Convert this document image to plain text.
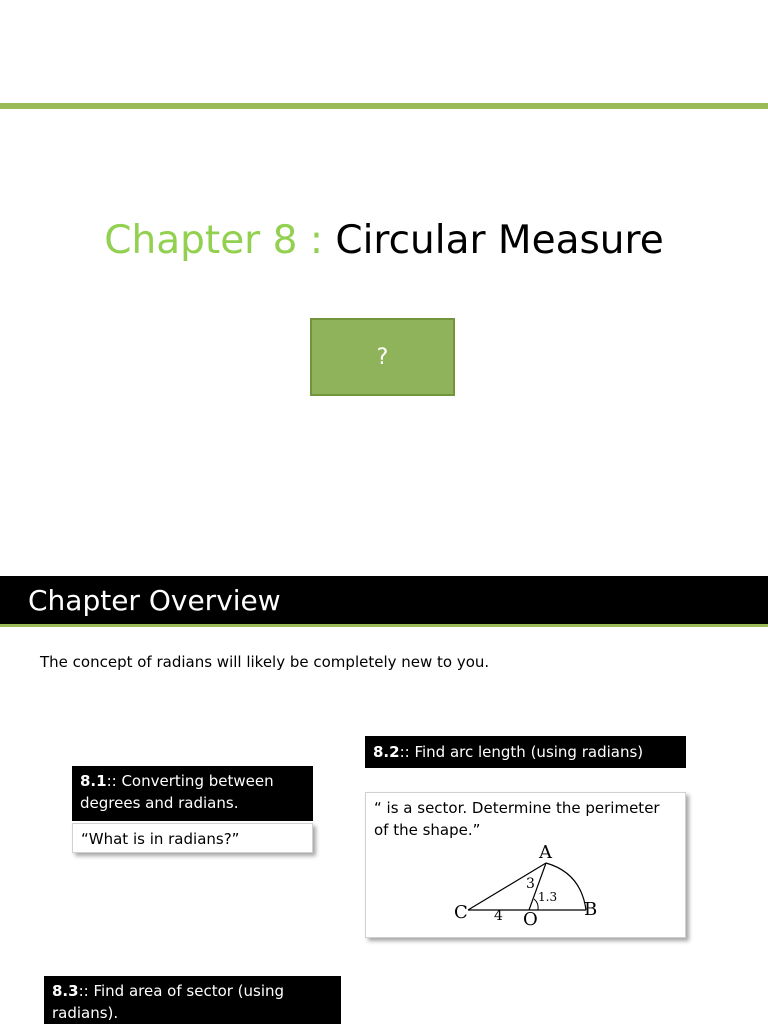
Chapter 8 : Circular Measure
?
Chapter Overview
The concept of radians will likely be completely new to you.
8.1:: Converting between degrees and radians.
“What is in radians?”
8.2:: Find arc length (using radians)
“ is a sector. Determine the perimeter of the shape.”
A
B
C	O
4
3
1.3
8.3:: Find area of sector (using radians).
